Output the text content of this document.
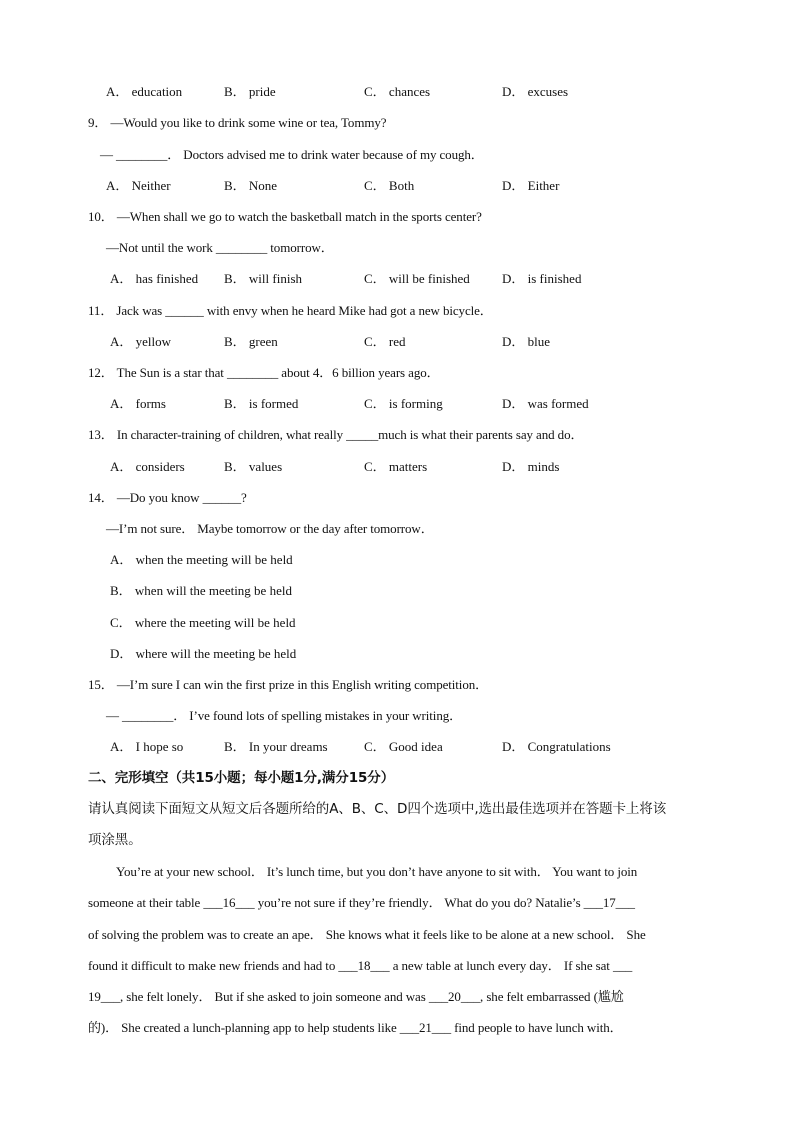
A． education	B． pride	C． chances	D． excuses
9． —Would you like to drink some wine or tea, Tommy?
— ________． Doctors advised me to drink water because of my cough．
A． Neither	B． None	C． Both	D． Either
10． —When shall we go to watch the basketball match in the sports center?
—Not until the work ________ tomorrow．
A． has finished B． will finish	C． will be finished D． is finished
11． Jack was ______ with envy when he heard Mike had got a new bicycle．
A． yellow	B． green	C． red	D． blue
12． The Sun is a star that ________ about 4．6 billion years ago．
A． forms	B． is formed	C． is forming	D． was formed
13． In character-training of children, what really _____much is what their parents say and do．
A． considers	B． values	C． matters	D． minds
14． —Do you know ______?
—I’m not sure． Maybe tomorrow or the day after tomorrow．
A． when the meeting will be held
B． when will the meeting be held
C． where the meeting will be held
D． where will the meeting be held
15． —I’m sure I can win the first prize in this English writing competition．
— ________． I’ve found lots of spelling mistakes in your writing．
A． I hope so	B． In your dreams	C． Good idea	D． Congratulations
二、完形填空（共15小题；每小题1分,满分15分）
请认真阅读下面短文从短文后各题所给的A、B、C、D四个选项中,选出最佳选项并在答题卡上将该
项涂黑。
You’re at your new school． It’s lunch time, but you don’t have anyone to sit with． You want to join
someone at their table ___16___ you’re not sure if they’re friendly． What do you do? Natalie’s ___17___
of solving the problem was to create an ape． She knows what it feels like to be alone at a new school． She
found it difficult to make new friends and had to ___18___ a new table at lunch every day． If she sat ___
19___, she felt lonely． But if she asked to join someone and was ___20___, she felt embarrassed (尴尬
的)． She created a lunch-planning app to help students like ___21___ find people to have lunch with．
